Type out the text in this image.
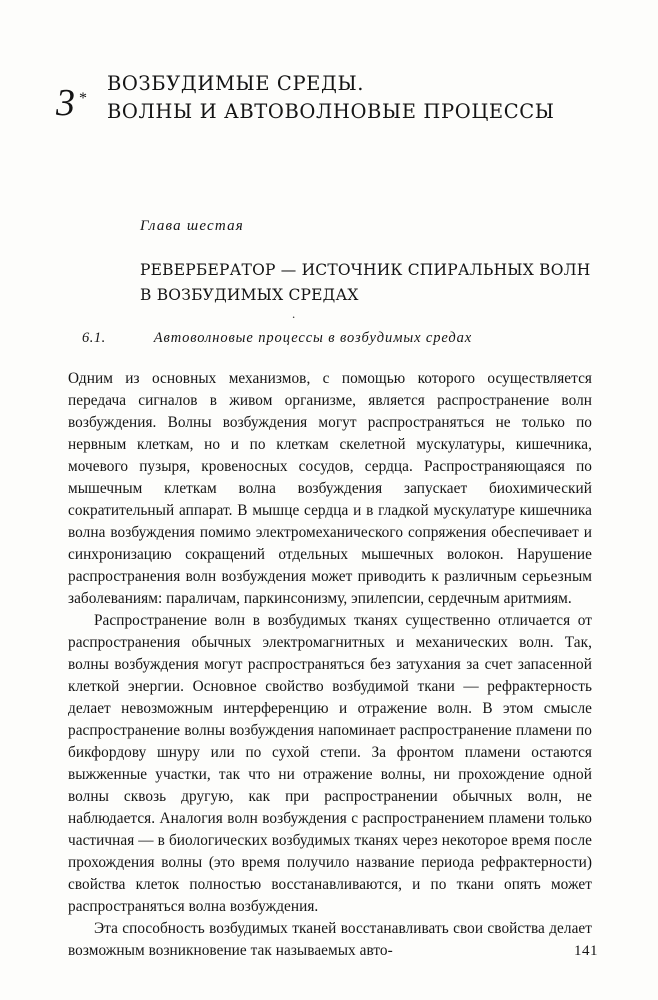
3 *
ВОЗБУДИМЫЕ СРЕДЫ.
ВОЛНЫ И АВТОВОЛНОВЫЕ ПРОЦЕССЫ
Глава шестая
РЕВЕРБЕРАТОР — ИСТОЧНИК СПИРАЛЬНЫХ ВОЛН
В ВОЗБУДИМЫХ СРЕДАХ
.
6.1.	Автоволновые процессы в возбудимых средах

Одним из основных механизмов, с помощью которого осуществляется передача сигналов в живом организме, является распространение волн возбуждения. Волны возбуждения могут распространяться не только по нервным клеткам, но и по клеткам скелетной мускулатуры, кишечника, мочевого пузыря, кровеносных сосудов, сердца. Распространяющаяся по мышечным клеткам волна возбуждения запускает биохимический сократительный аппарат. В мышце сердца и в гладкой мускулатуре кишечника волна возбуждения помимо электромеханического сопряжения обеспечивает и синхронизацию сокращений отдельных мышечных волокон. Нарушение распространения волн возбуждения может приводить к различным серьезным заболеваниям: параличам, паркинсонизму, эпилепсии, сердечным аритмиям.

Распространение волн в возбудимых тканях существенно отличается от распространения обычных электромагнитных и механических волн. Так, волны возбуждения могут распространяться без затухания за счет запасенной клеткой энергии. Основное свойство возбудимой ткани — рефрактерность делает невозможным интерференцию и отражение волн. В этом смысле распространение волны возбуждения напоминает распространение пламени по бикфордову шнуру или по сухой степи. За фронтом пламени остаются выжженные участки, так что ни отражение волны, ни прохождение одной волны сквозь другую, как при распространении обычных волн, не наблюдается. Аналогия волн возбуждения с распространением пламени только частичная — в биологических возбудимых тканях через некоторое время после прохождения волны (это время получило название периода рефрактерности) свойства клеток полностью восстанавливаются, и по ткани опять может распространяться волна возбуждения.

Эта способность возбудимых тканей восстанавливать свои свойства делает возможным возникновение так называемых авто-	141
